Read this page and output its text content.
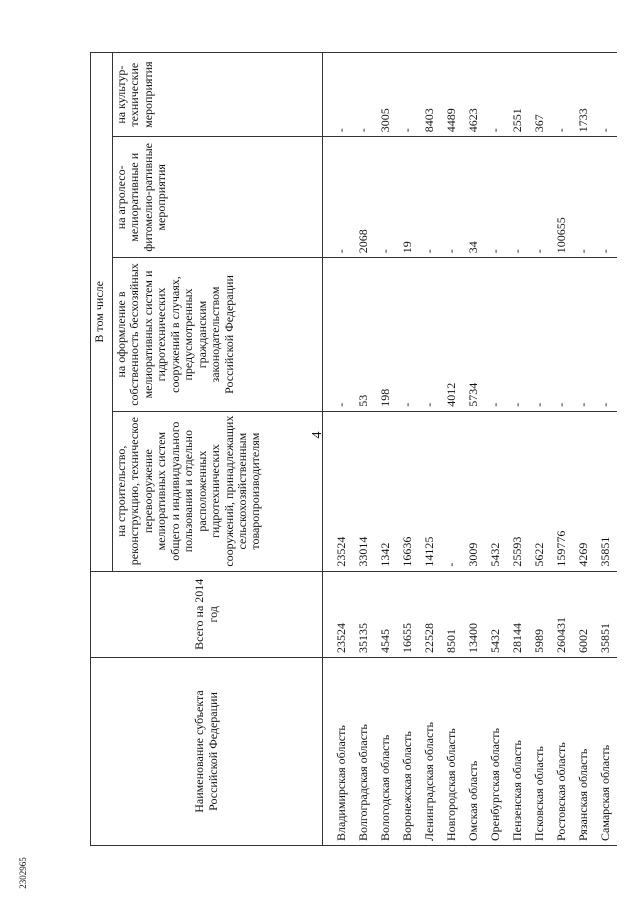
4
2302965
Наименование субъекта Российской Федерации	Всего на 2014 год	В том числе			
		на строительство, реконструкцию, техническое перевооружение мелиоративных систем общего и индивидуального пользования и отдельно расположенных гидротехнических сооружений, принадлежащих сельскохозяйственным товаропроизводителям	на оформление в собственность бесхозяйных мелиоративных систем и гидротехнических сооружений в случаях, предусмотренных гражданским законодательством Российской Федерации	на агролесо-мелиоративные и фитомелио-ративные мероприятия	на культур-технические мероприятия
Владимирская область	23524	23524	-	-	-
Волгоградская область	35135	33014	53	2068	-
Вологодская область	4545	1342	198	-	3005
Воронежская область	16655	16636	-	19	-
Ленинградская область	22528	14125	-	-	8403
Новгородская область	8501	-	4012	-	4489
Омская область	13400	3009	5734	34	4623
Оренбургская область	5432	5432	-	-	-
Пензенская область	28144	25593	-	-	2551
Псковская область	5989	5622	-	-	367
Ростовская область	260431	159776	-	100655	-
Рязанская область	6002	4269	-	-	1733
Самарская область	35851	35851	-	-	-
